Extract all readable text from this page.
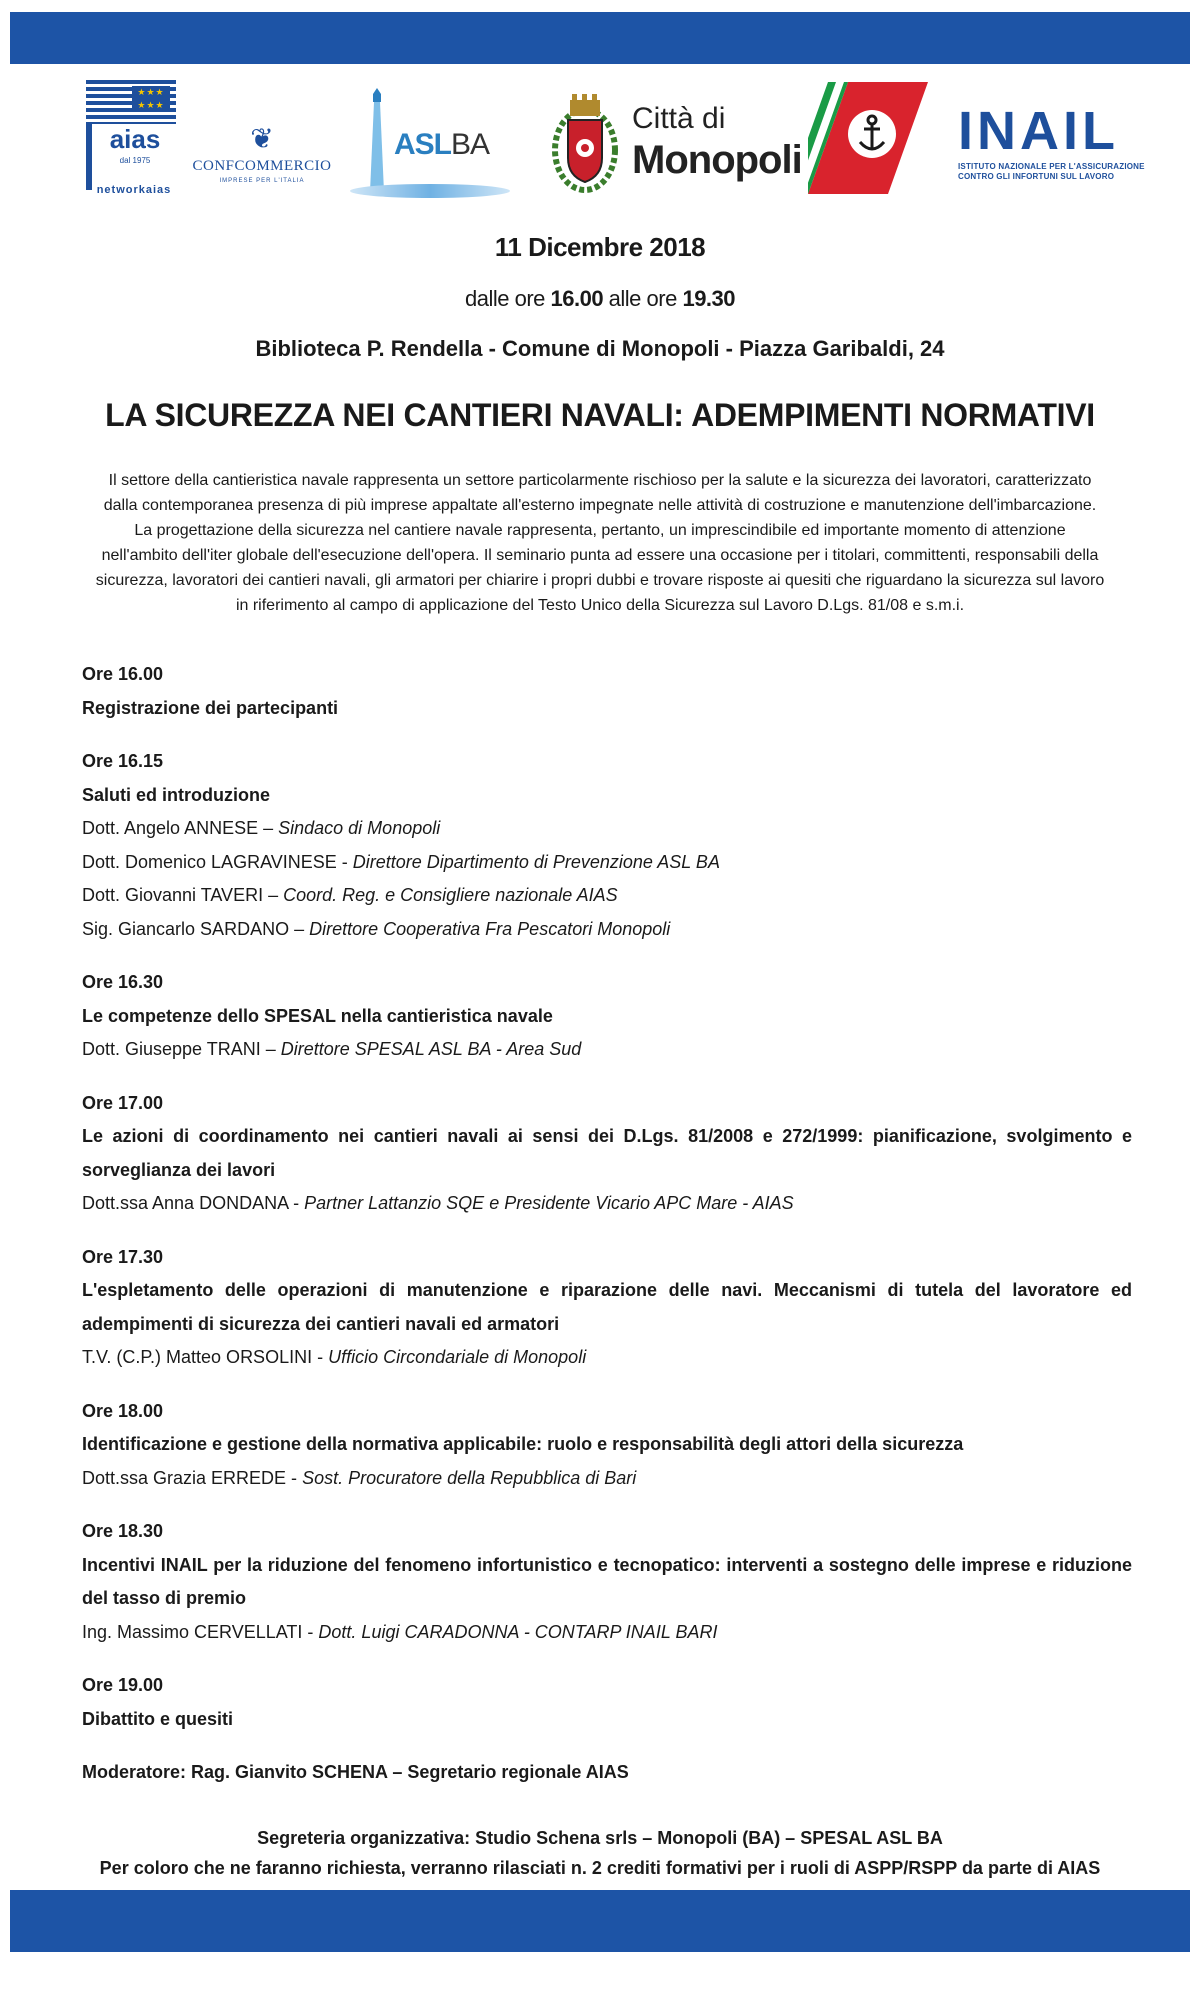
★★★
★★★
aias
dal 1975
networkaias
❦
CONFCOMMERCIO
IMPRESE PER L'ITALIA
ASLBA
Città di
Monopoli	INAIL
ISTITUTO NAZIONALE PER L'ASSICURAZIONE CONTRO GLI INFORTUNI SUL LAVORO
11 Dicembre 2018
dalle ore 16.00 alle ore 19.30
Biblioteca P. Rendella - Comune di Monopoli - Piazza Garibaldi, 24
LA SICUREZZA NEI CANTIERI NAVALI: ADEMPIMENTI NORMATIVI
Il settore della cantieristica navale rappresenta un settore particolarmente rischioso per la salute e la sicurezza dei lavoratori, caratterizzato dalla contemporanea presenza di più imprese appaltate all'esterno impegnate nelle attività di costruzione e manutenzione dell'imbarcazione. La progettazione della sicurezza nel cantiere navale rappresenta, pertanto, un imprescindibile ed importante momento di attenzione nell'ambito dell'iter globale dell'esecuzione dell'opera. Il seminario punta ad essere una occasione per i titolari, committenti, responsabili della sicurezza, lavoratori dei cantieri navali, gli armatori per chiarire i propri dubbi e trovare risposte ai quesiti che riguardano la sicurezza sul lavoro in riferimento al campo di applicazione del Testo Unico della Sicurezza sul Lavoro D.Lgs. 81/08 e s.m.i.
Ore 16.00
Registrazione dei partecipanti
Ore 16.15
Saluti ed introduzione
Dott. Angelo ANNESE – Sindaco di Monopoli
Dott. Domenico LAGRAVINESE - Direttore Dipartimento di Prevenzione ASL BA
Dott. Giovanni TAVERI – Coord. Reg. e Consigliere nazionale AIAS
Sig. Giancarlo SARDANO – Direttore Cooperativa Fra Pescatori Monopoli
Ore 16.30
Le competenze dello SPESAL nella cantieristica navale
Dott. Giuseppe TRANI – Direttore SPESAL ASL BA - Area Sud
Ore 17.00
Le azioni di coordinamento nei cantieri navali ai sensi dei D.Lgs. 81/2008 e 272/1999: pianificazione, svolgimento e sorveglianza dei lavori
Dott.ssa Anna DONDANA - Partner Lattanzio SQE e Presidente Vicario APC Mare - AIAS
Ore 17.30
L'espletamento delle operazioni di manutenzione e riparazione delle navi. Meccanismi di tutela del lavoratore ed adempimenti di sicurezza dei cantieri navali ed armatori
T.V. (C.P.) Matteo ORSOLINI - Ufficio Circondariale di Monopoli
Ore 18.00
Identificazione e gestione della normativa applicabile: ruolo e responsabilità degli attori della sicurezza
Dott.ssa Grazia ERREDE - Sost. Procuratore della Repubblica di Bari
Ore 18.30
Incentivi INAIL per la riduzione del fenomeno infortunistico e tecnopatico: interventi a sostegno delle imprese e riduzione del tasso di premio
Ing. Massimo CERVELLATI - Dott. Luigi CARADONNA - CONTARP INAIL BARI
Ore 19.00
Dibattito e quesiti
Moderatore: Rag. Gianvito SCHENA – Segretario regionale AIAS
Segreteria organizzativa: Studio Schena srls – Monopoli (BA) – SPESAL ASL BA
Per coloro che ne faranno richiesta, verranno rilasciati n. 2 crediti formativi per i ruoli di ASPP/RSPP da parte di AIAS
